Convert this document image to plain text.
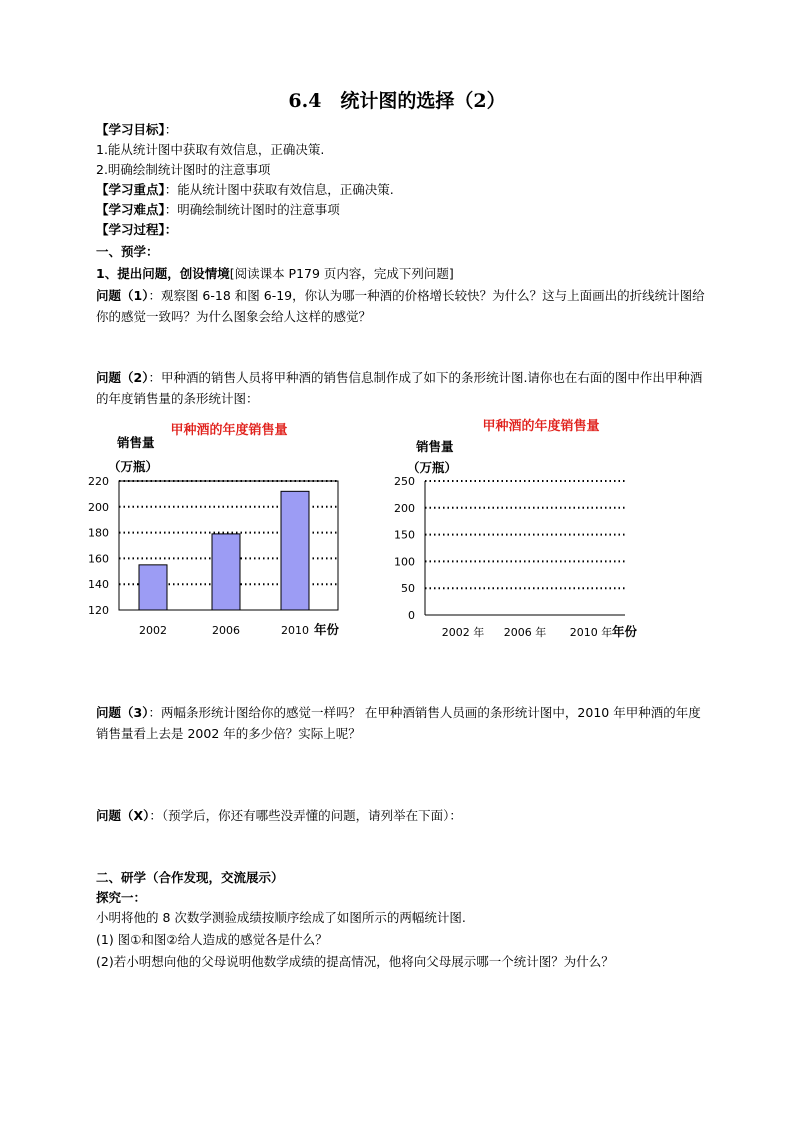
6.4　统计图的选择（2）
【学习目标】：
1.能从统计图中获取有效信息，正确决策.
2.明确绘制统计图时的注意事项
【学习重点】：能从统计图中获取有效信息，正确决策.
【学习难点】：明确绘制统计图时的注意事项
【学习过程】：
一、预学：
1、提出问题，创设情境[阅读课本 P179 页内容，完成下列问题]
问题（1）：观察图 6-18 和图 6-19，你认为哪一种酒的价格增长较快？为什么？这与上面画出的折线统计图给你的感觉一致吗？为什么图象会给人这样的感觉？
问题（2）：甲种酒的销售人员将甲种酒的销售信息制作成了如下的条形统计图.请你也在右面的图中作出甲种酒的年度销售量的条形统计图：
甲种酒的年度销售量
销售量
（万瓶）
年份
120
140
160
180
200
220
2002	2006	2010
甲种酒的年度销售量
销售量
（万瓶）
年份
0
50
100
150
200
250
2002 年 2006 年 2010 年
问题（3）：两幅条形统计图给你的感觉一样吗？ 在甲种酒销售人员画的条形统计图中，2010 年甲种酒的年度销售量看上去是 2002 年的多少倍？实际上呢？
问题（X）：（预学后，你还有哪些没弄懂的问题，请列举在下面）：
二、研学（合作发现，交流展示）
探究一：
小明将他的 8 次数学测验成绩按顺序绘成了如图所示的两幅统计图.
(1) 图①和图②给人造成的感觉各是什么？
(2)若小明想向他的父母说明他数学成绩的提高情况，他将向父母展示哪一个统计图？为什么？
